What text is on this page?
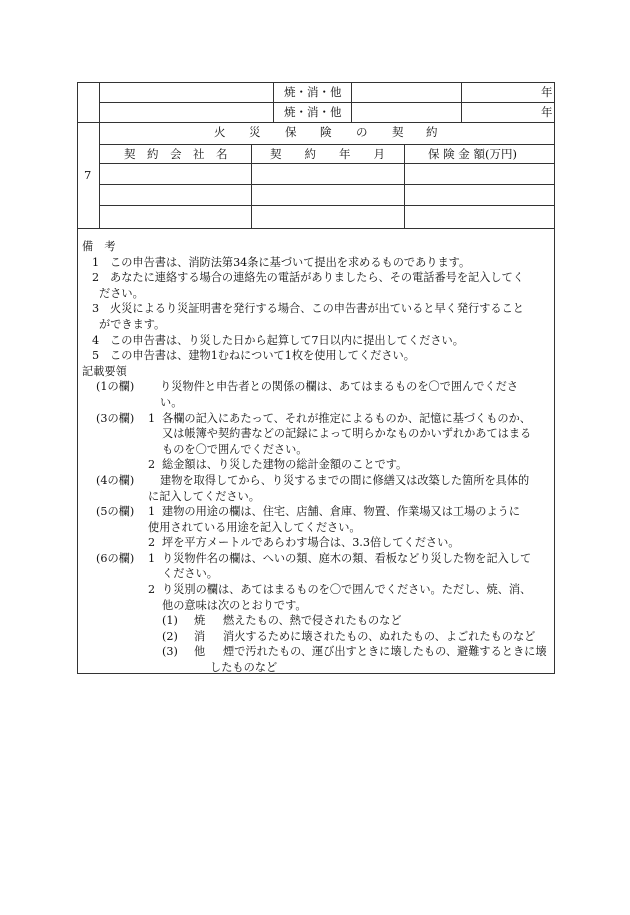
焼・消・他	年
焼・消・他	年
7
火 災 保 険 の 契 約
契　約　会　社　名	契　　約　　年　　月	保 険 金 額(万円)
備　考
1 この申告書は、消防法第34条に基づいて提出を求めるものであります。
2 あなたに連絡する場合の連絡先の電話がありましたら、その電話番号を記入してく
ださい。
3 火災によるり災証明書を発行する場合、この申告書が出ていると早く発行すること
ができます。
4 この申告書は、り災した日から起算して7日以内に提出してください。
5 この申告書は、建物1むねについて1枚を使用してください。
記載要領
(1の欄) り災物件と申告者との関係の欄は、あてはまるものを〇で囲んでくださ
い。
(3の欄) 1 各欄の記入にあたって、それが推定によるものか、記憶に基づくものか、
又は帳簿や契約書などの記録によって明らかなものかいずれかあてはまる
ものを〇で囲んでください。
2 総金額は、り災した建物の総計金額のことです。
(4の欄) 建物を取得してから、り災するまでの間に修繕又は改築した箇所を具体的
に記入してください。
(5の欄) 1 建物の用途の欄は、住宅、店舗、倉庫、物置、作業場又は工場のように
使用されている用途を記入してください。
2 坪を平方メートルであらわす場合は、3.3倍してください。
(6の欄) 1 り災物件名の欄は、へいの類、庭木の類、看板などり災した物を記入して
ください。
2 り災別の欄は、あてはまるものを〇で囲んでください。ただし、焼、消、
他の意味は次のとおりです。
(1) 焼 燃えたもの、熱で侵されたものなど
(2) 消 消火するために壊されたもの、ぬれたもの、よごれたものなど
(3) 他 煙で汚れたもの、運び出すときに壊したもの、避難するときに壊
したものなど
